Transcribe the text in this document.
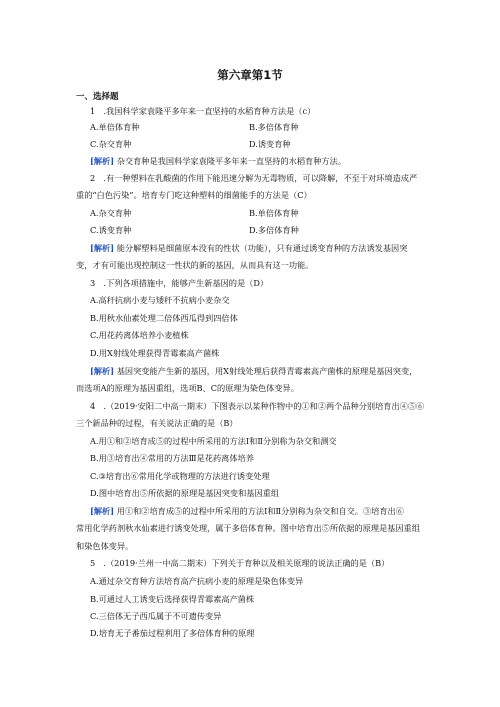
第六章第1节
一、选择题
1　.我国科学家袁隆平多年来一直坚持的水稻育种方法是（c）
A.单倍体育种	B.多倍体育种
C.杂交育种	D.诱变育种
[解析] 杂交育种是我国科学家袁隆平多年来一直坚持的水稻育种方法。
2　.有一种塑料在乳酸菌的作用下能迅速分解为无毒物质，可以降解，不至于对环境造成严
重的“白色污染”。培育专门吃这种塑料的细菌能手的方法是（C）
A.杂交育种	B.单倍体育种
C.诱变育种	D.多倍体育种
[解析] 能分解塑料是细菌原本没有的性状（功能），只有通过诱变育种的方法诱发基因突
变，才有可能出现控制这一性状的新的基因，从而具有这一功能。
3　.下列各项措施中，能够产生新基因的是（D）
A.高秆抗病小麦与矮秆不抗病小麦杂交
B.用秋水仙素处理二倍体西瓜得到四倍体
C.用花药离体培养小麦植株
D.用X射线处理获得青霉素高产菌株
[解析] 基因突变能产生新的基因，用X射线处理后获得青霉素高产菌株的原理是基因突变，
而选项A的原理为基因重组，选项B、C的原理为染色体变异。
4　.（2019·安阳二中高一期末）下图表示以某种作物中的①和②两个品种分别培育出④⑤⑥
三个新品种的过程，有关说法正确的是（B）
A.用①和②培育成⑤的过程中所采用的方法Ⅰ和Ⅱ分别称为杂交和测交
B.用③培育出④常用的方法Ⅲ是花药离体培养
C.③培育出⑥常用化学或物理的方法进行诱变处理
D.图中培育出⑤所依据的原理是基因突变和基因重组
[解析] 用①和②培育成⑤的过程中所采用的方法Ⅰ和Ⅱ分别称为杂交和自交。③培育出⑥
常用化学药剂秋水仙素进行诱变处理，属于多倍体育种。图中培育出⑤所依据的原理是基因重组
和染色体变异。
5　.（2019·兰州一中高二期末）下列关于育种以及相关原理的说法正确的是（B）
A.通过杂交育种方法培育高产抗病小麦的原理是染色体变异
B.可通过人工诱变后选择获得青霉素高产菌株
C.三倍体无子西瓜属于不可遗传变异
D.培育无子番茄过程利用了多倍体育种的原理
